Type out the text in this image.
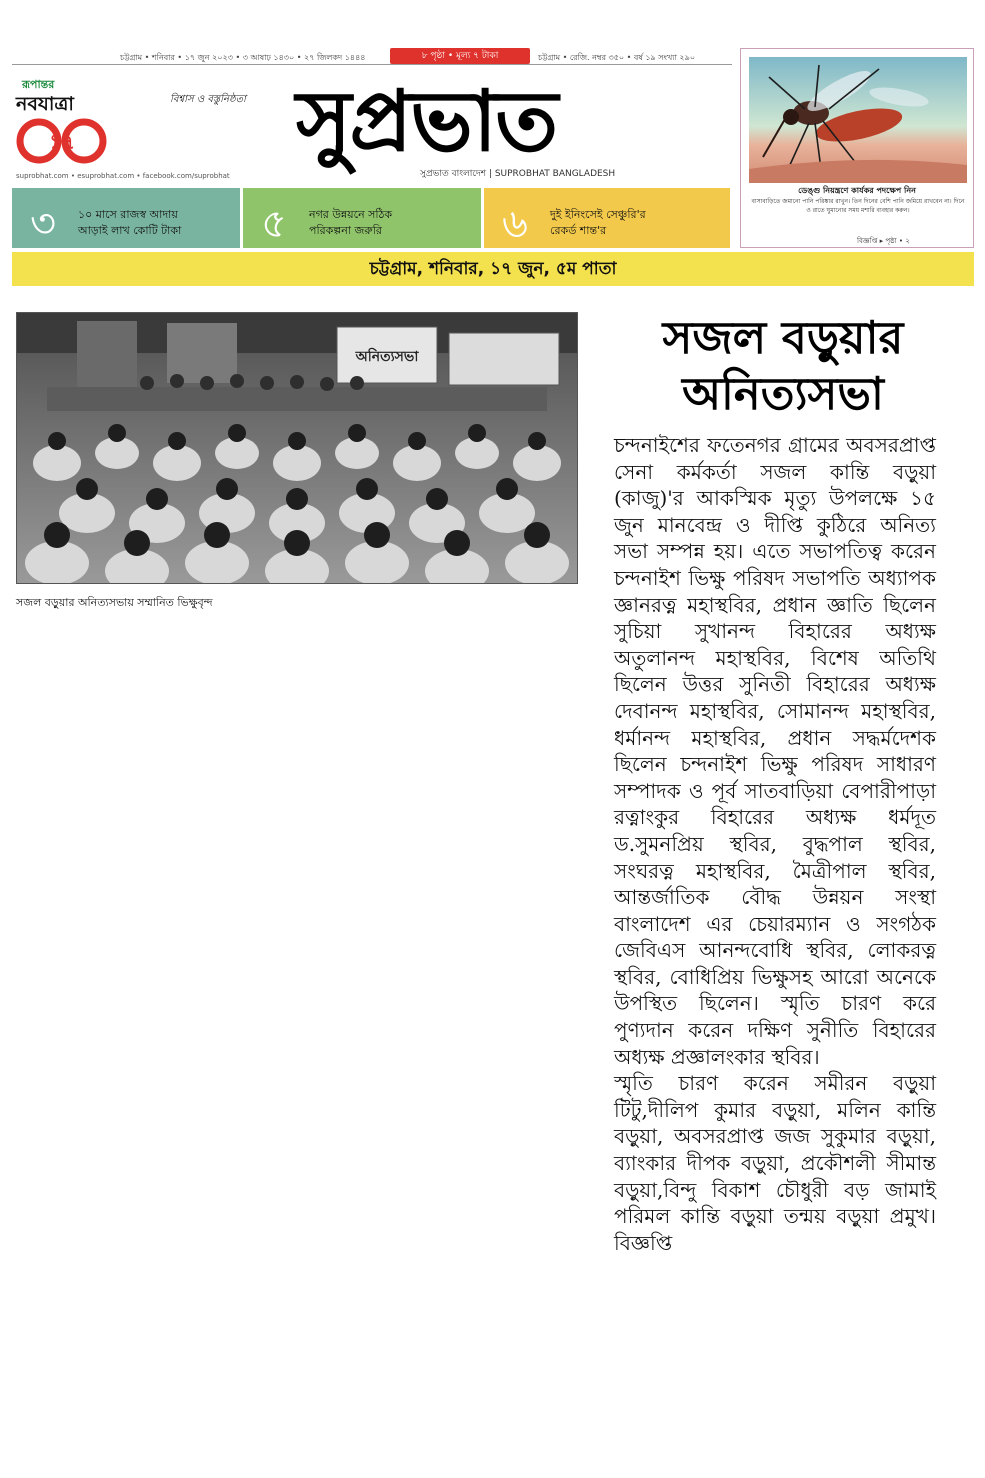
চট্টগ্রাম • শনিবার • ১৭ জুন ২০২৩ • ৩ আষাঢ় ১৪৩০ • ২৭ জিলকদ ১৪৪৪	৮ পৃষ্ঠা • মূল্য ৭ টাকা	চট্টগ্রাম • রেজি. নম্বর ৩৫০ • বর্ষ ১৯ সংখ্যা ২৯০
রূপান্তর
নবযাত্রা
১৭
বিশ্বাস ও বস্তুনিষ্ঠতা সুপ্রভাত
সুপ্রভাত বাংলাদেশ | SUPROBHAT BANGLADESH
suprobhat.com • esuprobhat.com • facebook.com/suprobhat
৩ ১০ মাসে রাজস্ব আদায়
আড়াই লাখ কোটি টাকা ৫ নগর উন্নয়নে সঠিক
পরিকল্পনা জরুরি	৬ দুই ইনিংসেই সেঞ্চুরি'র
রেকর্ড শান্ত'র
ডেঙ্গু নিয়ন্ত্রণে কার্যকর পদক্ষেপ নিন
বাসাবাড়িতে জমানো পানি পরিষ্কার রাখুন। তিন দিনের বেশি পানি জমিয়ে রাখবেন না। দিনে ও রাতে ঘুমানোর সময় মশারি ব্যবহার করুন।
বিজ্ঞপ্তি ▸ পৃষ্ঠা • ২
চট্টগ্রাম, শনিবার, ১৭ জুন, ৫ম পাতা
অনিত্যসভা
সজল বড়ুয়ার অনিত্যসভায় সম্মানিত ভিক্ষুবৃন্দ
সজল বড়ুয়ার
অনিত্যসভা

চন্দনাইশের ফতেনগর গ্রামের অবসরপ্রাপ্ত সেনা কর্মকর্তা সজল কান্তি বড়ুয়া (কাজু)'র আকস্মিক মৃত্যু উপলক্ষে ১৫ জুন মানবেন্দ্র ও দীপ্তি কুঠিরে অনিত্য সভা সম্পন্ন হয়। এতে সভাপতিত্ব করেন চন্দনাইশ ভিক্ষু পরিষদ সভাপতি অধ্যাপক জ্ঞানরত্ন মহাস্থবির, প্রধান জ্ঞাতি ছিলেন সুচিয়া সুখানন্দ বিহারের অধ্যক্ষ অতুলানন্দ মহাস্থবির, বিশেষ অতিথি ছিলেন উত্তর সুনিতী বিহারের অধ্যক্ষ দেবানন্দ মহাস্থবির, সোমানন্দ মহাস্থবির, ধর্মানন্দ মহাস্থবির, প্রধান সদ্ধর্মদেশক ছিলেন চন্দনাইশ ভিক্ষু পরিষদ সাধারণ সম্পাদক ও পূর্ব সাতবাড়িয়া বেপারীপাড়া রত্নাংকুর বিহারের অধ্যক্ষ ধর্মদূত ড.সুমনপ্রিয় স্থবির, বুদ্ধপাল স্থবির, সংঘরত্ন মহাস্থবির, মৈত্রীপাল স্থবির, আন্তর্জাতিক বৌদ্ধ উন্নয়ন সংস্থা বাংলাদেশ এর চেয়ারম্যান ও সংগঠক জেবিএস আনন্দবোধি স্থবির, লোকরত্ন স্থবির, বোধিপ্রিয় ভিক্ষুসহ আরো অনেকে উপস্থিত ছিলেন। স্মৃতি চারণ করে পুণ্যদান করেন দক্ষিণ সুনীতি বিহারের অধ্যক্ষ প্রজ্ঞালংকার স্থবির।

স্মৃতি চারণ করেন সমীরন বড়ুয়া টিটু,দীলিপ কুমার বড়ুয়া, মলিন কান্তি বড়ুয়া, অবসরপ্রাপ্ত জজ সুকুমার বড়ুয়া, ব্যাংকার দীপক বড়ুয়া, প্রকৌশলী সীমান্ত বড়ুয়া,বিন্দু বিকাশ চৌধুরী বড় জামাই পরিমল কান্তি বড়ুয়া তন্ময় বড়ুয়া প্রমুখ। বিজ্ঞপ্তি
